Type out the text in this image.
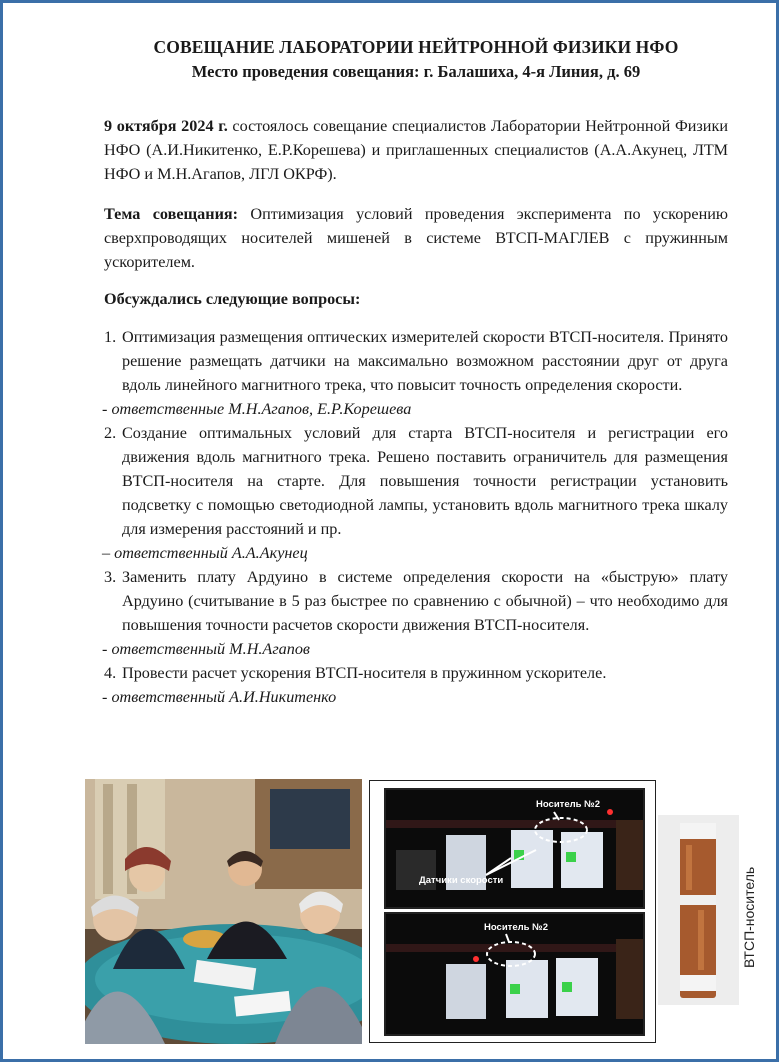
СОВЕЩАНИЕ ЛАБОРАТОРИИ НЕЙТРОННОЙ ФИЗИКИ НФО
Место проведения совещания: г. Балашиха, 4-я Линия, д. 69
9 октября 2024 г. состоялось совещание специалистов Лаборатории Нейтронной Физики НФО (А.И.Никитенко, Е.Р.Корешева) и приглашенных специалистов (А.А.Акунец, ЛТМ НФО и М.Н.Агапов, ЛГЛ ОКРФ).
Тема совещания: Оптимизация условий проведения эксперимента по ускорению сверхпроводящих носителей мишеней в системе ВТСП-МАГЛЕВ с пружинным ускорителем.
Обсуждались следующие вопросы:
1. Оптимизация размещения оптических измерителей скорости ВТСП-носителя. Принято решение размещать датчики на максимально возможном расстоянии друг от друга вдоль линейного магнитного трека, что повысит точность определения скорости.
- ответственные М.Н.Агапов, Е.Р.Корешева
2. Создание оптимальных условий для старта ВТСП-носителя и регистрации его движения вдоль магнитного трека. Решено поставить ограничитель для размещения ВТСП-носителя на старте. Для повышения точности регистрации установить подсветку с помощью светодиодной лампы, установить вдоль магнитного трека шкалу для измерения расстояний и пр.
– ответственный А.А.Акунец
3. Заменить плату Ардуино в системе определения скорости на «быструю» плату Ардуино (считывание в 5 раз быстрее по сравнению с обычной) – что необходимо для повышения точности расчетов скорости движения ВТСП-носителя.
- ответственный М.Н.Агапов
4. Провести расчет ускорения ВТСП-носителя в пружинном ускорителе.
- ответственный А.И.Никитенко
Носитель №2
Датчики скорости
Носитель №2	ВТСП-носитель
